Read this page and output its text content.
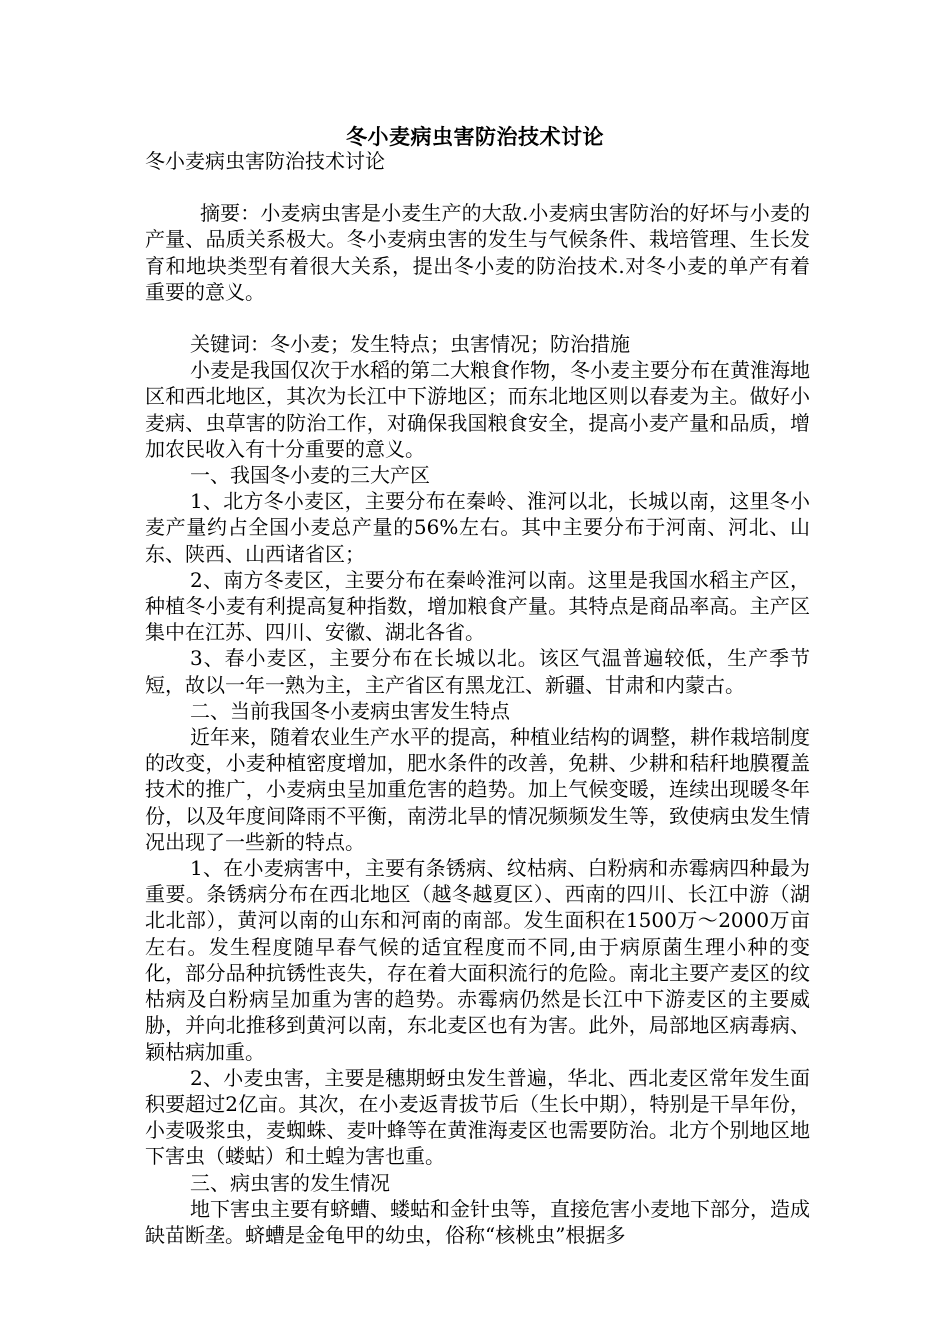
冬小麦病虫害防治技术讨论

冬小麦病虫害防治技术讨论

摘要：小麦病虫害是小麦生产的大敌.小麦病虫害防治的好坏与小麦的产量、品质关系极大。冬小麦病虫害的发生与气候条件、栽培管理、生长发育和地块类型有着很大关系，提出冬小麦的防治技术.对冬小麦的单产有着重要的意义。

关键词：冬小麦；发生特点；虫害情况；防治措施

小麦是我国仅次于水稻的第二大粮食作物，冬小麦主要分布在黄淮海地区和西北地区，其次为长江中下游地区；而东北地区则以春麦为主。做好小麦病、虫草害的防治工作，对确保我国粮食安全，提高小麦产量和品质，增加农民收入有十分重要的意义。

一、我国冬小麦的三大产区

1、北方冬小麦区，主要分布在秦岭、淮河以北，长城以南，这里冬小麦产量约占全国小麦总产量的56%左右。其中主要分布于河南、河北、山东、陕西、山西诸省区；

2、南方冬麦区，主要分布在秦岭淮河以南。这里是我国水稻主产区，种植冬小麦有利提高复种指数，增加粮食产量。其特点是商品率高。主产区集中在江苏、四川、安徽、湖北各省。

3、春小麦区，主要分布在长城以北。该区气温普遍较低，生产季节短，故以一年一熟为主，主产省区有黑龙江、新疆、甘肃和内蒙古。

二、当前我国冬小麦病虫害发生特点

近年来，随着农业生产水平的提高，种植业结构的调整，耕作栽培制度的改变，小麦种植密度增加，肥水条件的改善，免耕、少耕和秸秆地膜覆盖技术的推广，小麦病虫呈加重危害的趋势。加上气候变暖，连续出现暖冬年份，以及年度间降雨不平衡，南涝北旱的情况频频发生等，致使病虫发生情况出现了一些新的特点。

1、在小麦病害中，主要有条锈病、纹枯病、白粉病和赤霉病四种最为重要。条锈病分布在西北地区（越冬越夏区）、西南的四川、长江中游（湖北北部），黄河以南的山东和河南的南部。发生面积在1500万～2000万亩左右。发生程度随早春气候的适宜程度而不同,由于病原菌生理小种的变化，部分品种抗锈性丧失，存在着大面积流行的危险。南北主要产麦区的纹枯病及白粉病呈加重为害的趋势。赤霉病仍然是长江中下游麦区的主要威胁，并向北推移到黄河以南，东北麦区也有为害。此外，局部地区病毒病、颖枯病加重。

2、小麦虫害，主要是穗期蚜虫发生普遍，华北、西北麦区常年发生面积要超过2亿亩。其次，在小麦返青拔节后（生长中期），特别是干旱年份，小麦吸浆虫，麦蜘蛛、麦叶蜂等在黄淮海麦区也需要防治。北方个别地区地下害虫（蝼蛄）和土蝗为害也重。

三、病虫害的发生情况

地下害虫主要有蛴螬、蝼蛄和金针虫等，直接危害小麦地下部分，造成缺苗断垄。蛴螬是金龟甲的幼虫，俗称“核桃虫”根据多
